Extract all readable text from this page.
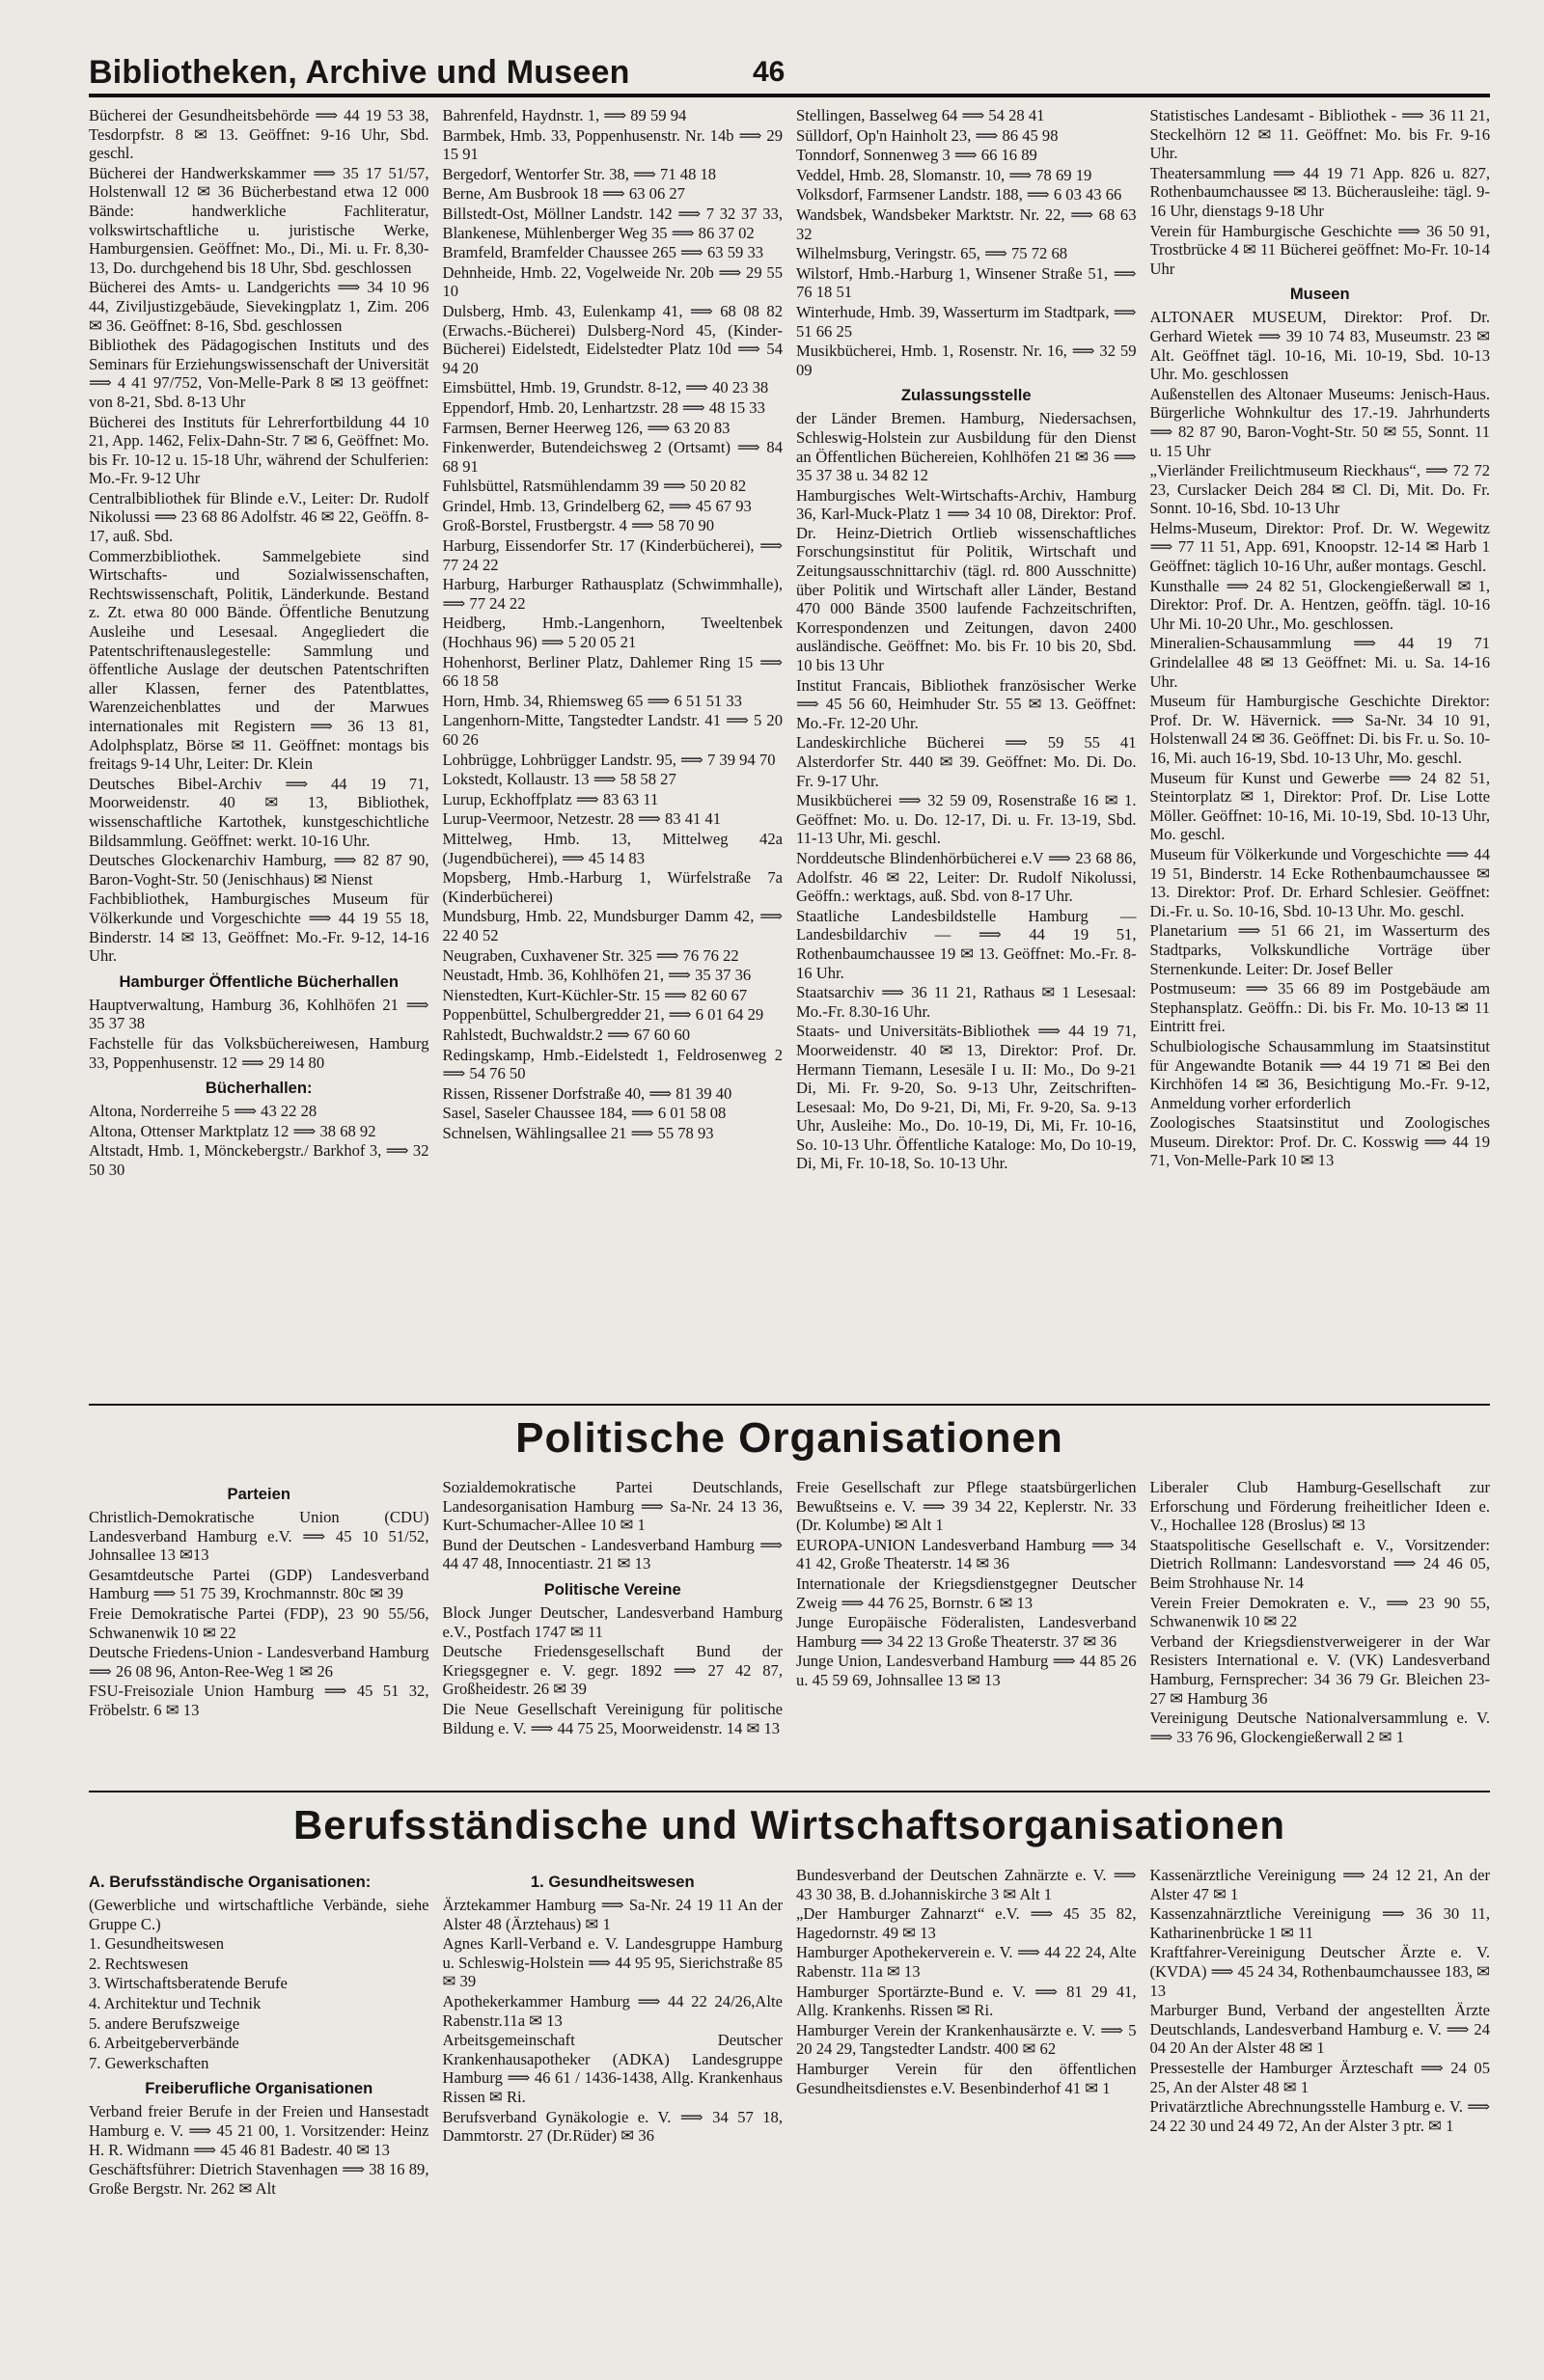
Bibliotheken, Archive und Museen	46
Bücherei der Gesundheitsbehörde ⟹ 44 19 53 38, Tesdorpfstr. 8 ✉ 13. Geöffnet: 9-16 Uhr, Sbd. geschl.
Bücherei der Handwerkskammer ⟹ 35 17 51/57, Holstenwall 12 ✉ 36 Bücherbestand etwa 12 000 Bände: handwerkliche Fachliteratur, volkswirtschaftliche u. juristische Werke, Hamburgensien. Geöffnet: Mo., Di., Mi. u. Fr. 8,30-13, Do. durchgehend bis 18 Uhr, Sbd. geschlossen
Bücherei des Amts- u. Landgerichts ⟹ 34 10 96 44, Ziviljustizgebäude, Sievekingplatz 1, Zim. 206 ✉ 36. Geöffnet: 8-16, Sbd. geschlossen
Bibliothek des Pädagogischen Instituts und des Seminars für Erziehungswissenschaft der Universität ⟹ 4 41 97/752, Von-Melle-Park 8 ✉ 13 geöffnet: von 8-21, Sbd. 8-13 Uhr
Bücherei des Instituts für Lehrerfortbildung 44 10 21, App. 1462, Felix-Dahn-Str. 7 ✉ 6, Geöffnet: Mo. bis Fr. 10-12 u. 15-18 Uhr, während der Schulferien: Mo.-Fr. 9-12 Uhr
Centralbibliothek für Blinde e.V., Leiter: Dr. Rudolf Nikolussi ⟹ 23 68 86 Adolfstr. 46 ✉ 22, Geöffn. 8-17, auß. Sbd.
Commerzbibliothek. Sammelgebiete sind Wirtschafts- und Sozialwissenschaften, Rechtswissenschaft, Politik, Länderkunde. Bestand z. Zt. etwa 80 000 Bände. Öffentliche Benutzung Ausleihe und Lesesaal. Angegliedert die Patentschriftenauslegestelle: Sammlung und öffentliche Auslage der deutschen Patentschriften aller Klassen, ferner des Patentblattes, Warenzeichenblattes und der Marwues internationales mit Registern ⟹ 36 13 81, Adolphsplatz, Börse ✉ 11. Geöffnet: montags bis freitags 9-14 Uhr, Leiter: Dr. Klein
Deutsches Bibel-Archiv ⟹ 44 19 71, Moorweidenstr. 40 ✉ 13, Bibliothek, wissenschaftliche Kartothek, kunstgeschichtliche Bildsammlung. Geöffnet: werkt. 10-16 Uhr.
Deutsches Glockenarchiv Hamburg, ⟹ 82 87 90, Baron-Voght-Str. 50 (Jenischhaus) ✉ Nienst
Fachbibliothek, Hamburgisches Museum für Völkerkunde und Vorgeschichte ⟹ 44 19 55 18, Binderstr. 14 ✉ 13, Geöffnet: Mo.-Fr. 9-12, 14-16 Uhr.
Hamburger Öffentliche Bücherhallen
Hauptverwaltung, Hamburg 36, Kohlhöfen 21 ⟹ 35 37 38
Fachstelle für das Volksbüchereiwesen, Hamburg 33, Poppenhusenstr. 12 ⟹ 29 14 80
Bücherhallen:
Altona, Norderreihe 5 ⟹ 43 22 28
Altona, Ottenser Marktplatz 12 ⟹ 38 68 92
Altstadt, Hmb. 1, Mönckebergstr./ Barkhof 3, ⟹ 32 50 30
Bahrenfeld, Haydnstr. 1, ⟹ 89 59 94
Barmbek, Hmb. 33, Poppenhusenstr. Nr. 14b ⟹ 29 15 91
Bergedorf, Wentorfer Str. 38, ⟹ 71 48 18
Berne, Am Busbrook 18 ⟹ 63 06 27
Billstedt-Ost, Möllner Landstr. 142 ⟹ 7 32 37 33, Blankenese, Mühlenberger Weg 35 ⟹ 86 37 02
Bramfeld, Bramfelder Chaussee 265 ⟹ 63 59 33
Dehnheide, Hmb. 22, Vogelweide Nr. 20b ⟹ 29 55 10
Dulsberg, Hmb. 43, Eulenkamp 41, ⟹ 68 08 82 (Erwachs.-Bücherei) Dulsberg-Nord 45, (Kinder-Bücherei) Eidelstedt, Eidelstedter Platz 10d ⟹ 54 94 20
Eimsbüttel, Hmb. 19, Grundstr. 8-12, ⟹ 40 23 38
Eppendorf, Hmb. 20, Lenhartzstr. 28 ⟹ 48 15 33
Farmsen, Berner Heerweg 126, ⟹ 63 20 83
Finkenwerder, Butendeichsweg 2 (Ortsamt) ⟹ 84 68 91
Fuhlsbüttel, Ratsmühlendamm 39 ⟹ 50 20 82
Grindel, Hmb. 13, Grindelberg 62, ⟹ 45 67 93
Groß-Borstel, Frustbergstr. 4 ⟹ 58 70 90
Harburg, Eissendorfer Str. 17 (Kinderbücherei), ⟹ 77 24 22
Harburg, Harburger Rathausplatz (Schwimmhalle), ⟹ 77 24 22
Heidberg, Hmb.-Langenhorn, Tweeltenbek (Hochhaus 96) ⟹ 5 20 05 21
Hohenhorst, Berliner Platz, Dahlemer Ring 15 ⟹ 66 18 58
Horn, Hmb. 34, Rhiemsweg 65 ⟹ 6 51 51 33
Langenhorn-Mitte, Tangstedter Landstr. 41 ⟹ 5 20 60 26
Lohbrügge, Lohbrügger Landstr. 95, ⟹ 7 39 94 70
Lokstedt, Kollaustr. 13 ⟹ 58 58 27
Lurup, Eckhoffplatz ⟹ 83 63 11
Lurup-Veermoor, Netzestr. 28 ⟹ 83 41 41
Mittelweg, Hmb. 13, Mittelweg 42a (Jugendbücherei), ⟹ 45 14 83
Mopsberg, Hmb.-Harburg 1, Würfelstraße 7a (Kinderbücherei)
Mundsburg, Hmb. 22, Mundsburger Damm 42, ⟹ 22 40 52
Neugraben, Cuxhavener Str. 325 ⟹ 76 76 22
Neustadt, Hmb. 36, Kohlhöfen 21, ⟹ 35 37 36
Nienstedten, Kurt-Küchler-Str. 15 ⟹ 82 60 67
Poppenbüttel, Schulbergredder 21, ⟹ 6 01 64 29
Rahlstedt, Buchwaldstr.2 ⟹ 67 60 60
Redingskamp, Hmb.-Eidelstedt 1, Feldrosenweg 2 ⟹ 54 76 50
Rissen, Rissener Dorfstraße 40, ⟹ 81 39 40
Sasel, Saseler Chaussee 184, ⟹ 6 01 58 08
Schnelsen, Wählingsallee 21 ⟹ 55 78 93
Stellingen, Basselweg 64 ⟹ 54 28 41
Sülldorf, Op'n Hainholt 23, ⟹ 86 45 98
Tonndorf, Sonnenweg 3 ⟹ 66 16 89
Veddel, Hmb. 28, Slomanstr. 10, ⟹ 78 69 19
Volksdorf, Farmsener Landstr. 188, ⟹ 6 03 43 66
Wandsbek, Wandsbeker Marktstr. Nr. 22, ⟹ 68 63 32
Wilhelmsburg, Veringstr. 65, ⟹ 75 72 68
Wilstorf, Hmb.-Harburg 1, Winsener Straße 51, ⟹ 76 18 51
Winterhude, Hmb. 39, Wasserturm im Stadtpark, ⟹ 51 66 25
Musikbücherei, Hmb. 1, Rosenstr. Nr. 16, ⟹ 32 59 09
Zulassungsstelle
der Länder Bremen. Hamburg, Niedersachsen, Schleswig-Holstein zur Ausbildung für den Dienst an Öffentlichen Büchereien, Kohlhöfen 21 ✉ 36 ⟹ 35 37 38 u. 34 82 12
Hamburgisches Welt-Wirtschafts-Archiv, Hamburg 36, Karl-Muck-Platz 1 ⟹ 34 10 08, Direktor: Prof. Dr. Heinz-Dietrich Ortlieb wissenschaftliches Forschungsinstitut für Politik, Wirtschaft und Zeitungsausschnittarchiv (tägl. rd. 800 Ausschnitte) über Politik und Wirtschaft aller Länder, Bestand 470 000 Bände 3500 laufende Fachzeitschriften, Korrespondenzen und Zeitungen, davon 2400 ausländische. Geöffnet: Mo. bis Fr. 10 bis 20, Sbd. 10 bis 13 Uhr
Institut Francais, Bibliothek französischer Werke ⟹ 45 56 60, Heimhuder Str. 55 ✉ 13. Geöffnet: Mo.-Fr. 12-20 Uhr.
Landeskirchliche Bücherei ⟹ 59 55 41 Alsterdorfer Str. 440 ✉ 39. Geöffnet: Mo. Di. Do. Fr. 9-17 Uhr.
Musikbücherei ⟹ 32 59 09, Rosenstraße 16 ✉ 1. Geöffnet: Mo. u. Do. 12-17, Di. u. Fr. 13-19, Sbd. 11-13 Uhr, Mi. geschl.
Norddeutsche Blindenhörbücherei e.V ⟹ 23 68 86, Adolfstr. 46 ✉ 22, Leiter: Dr. Rudolf Nikolussi, Geöffn.: werktags, auß. Sbd. von 8-17 Uhr.
Staatliche Landesbildstelle Hamburg — Landesbildarchiv — ⟹ 44 19 51, Rothenbaumchaussee 19 ✉ 13. Geöffnet: Mo.-Fr. 8-16 Uhr.
Staatsarchiv ⟹ 36 11 21, Rathaus ✉ 1 Lesesaal: Mo.-Fr. 8.30-16 Uhr.
Staats- und Universitäts-Bibliothek ⟹ 44 19 71, Moorweidenstr. 40 ✉ 13, Direktor: Prof. Dr. Hermann Tiemann, Lesesäle I u. II: Mo., Do 9-21 Di, Mi. Fr. 9-20, So. 9-13 Uhr, Zeitschriften-Lesesaal: Mo, Do 9-21, Di, Mi, Fr. 9-20, Sa. 9-13 Uhr, Ausleihe: Mo., Do. 10-19, Di, Mi, Fr. 10-16, So. 10-13 Uhr. Öffentliche Kataloge: Mo, Do 10-19, Di, Mi, Fr. 10-18, So. 10-13 Uhr.
Statistisches Landesamt - Bibliothek - ⟹ 36 11 21, Steckelhörn 12 ✉ 11. Geöffnet: Mo. bis Fr. 9-16 Uhr.
Theatersammlung ⟹ 44 19 71 App. 826 u. 827, Rothenbaumchaussee ✉ 13. Bücherausleihe: tägl. 9-16 Uhr, dienstags 9-18 Uhr
Verein für Hamburgische Geschichte ⟹ 36 50 91, Trostbrücke 4 ✉ 11 Bücherei geöffnet: Mo-Fr. 10-14 Uhr
Museen
ALTONAER MUSEUM, Direktor: Prof. Dr. Gerhard Wietek ⟹ 39 10 74 83, Museumstr. 23 ✉ Alt. Geöffnet tägl. 10-16, Mi. 10-19, Sbd. 10-13 Uhr. Mo. geschlossen
Außenstellen des Altonaer Museums: Jenisch-Haus. Bürgerliche Wohnkultur des 17.-19. Jahrhunderts ⟹ 82 87 90, Baron-Voght-Str. 50 ✉ 55, Sonnt. 11 u. 15 Uhr
„Vierländer Freilichtmuseum Rieckhaus“, ⟹ 72 72 23, Curslacker Deich 284 ✉ Cl. Di, Mit. Do. Fr. Sonnt. 10-16, Sbd. 10-13 Uhr
Helms-Museum, Direktor: Prof. Dr. W. Wegewitz ⟹ 77 11 51, App. 691, Knoopstr. 12-14 ✉ Harb 1 Geöffnet: täglich 10-16 Uhr, außer montags. Geschl.
Kunsthalle ⟹ 24 82 51, Glockengießerwall ✉ 1, Direktor: Prof. Dr. A. Hentzen, geöffn. tägl. 10-16 Uhr Mi. 10-20 Uhr., Mo. geschlossen.
Mineralien-Schausammlung ⟹ 44 19 71 Grindelallee 48 ✉ 13 Geöffnet: Mi. u. Sa. 14-16 Uhr.
Museum für Hamburgische Geschichte Direktor: Prof. Dr. W. Hävernick. ⟹ Sa-Nr. 34 10 91, Holstenwall 24 ✉ 36. Geöffnet: Di. bis Fr. u. So. 10-16, Mi. auch 16-19, Sbd. 10-13 Uhr, Mo. geschl.
Museum für Kunst und Gewerbe ⟹ 24 82 51, Steintorplatz ✉ 1, Direktor: Prof. Dr. Lise Lotte Möller. Geöffnet: 10-16, Mi. 10-19, Sbd. 10-13 Uhr, Mo. geschl.
Museum für Völkerkunde und Vorgeschichte ⟹ 44 19 51, Binderstr. 14 Ecke Rothenbaumchaussee ✉ 13. Direktor: Prof. Dr. Erhard Schlesier. Geöffnet: Di.-Fr. u. So. 10-16, Sbd. 10-13 Uhr. Mo. geschl.
Planetarium ⟹ 51 66 21, im Wasserturm des Stadtparks, Volkskundliche Vorträge über Sternenkunde. Leiter: Dr. Josef Beller
Postmuseum: ⟹ 35 66 89 im Postgebäude am Stephansplatz. Geöffn.: Di. bis Fr. Mo. 10-13 ✉ 11 Eintritt frei.
Schulbiologische Schausammlung im Staatsinstitut für Angewandte Botanik ⟹ 44 19 71 ✉ Bei den Kirchhöfen 14 ✉ 36, Besichtigung Mo.-Fr. 9-12, Anmeldung vorher erforderlich
Zoologisches Staatsinstitut und Zoologisches Museum. Direktor: Prof. Dr. C. Kosswig ⟹ 44 19 71, Von-Melle-Park 10 ✉ 13
Politische Organisationen
Parteien
Christlich-Demokratische Union (CDU) Landesverband Hamburg e.V. ⟹ 45 10 51/52, Johnsallee 13 ✉13
Gesamtdeutsche Partei (GDP) Landesverband Hamburg ⟹ 51 75 39, Krochmannstr. 80c ✉ 39
Freie Demokratische Partei (FDP), 23 90 55/56, Schwanenwik 10 ✉ 22
Deutsche Friedens-Union - Landesverband Hamburg ⟹ 26 08 96, Anton-Ree-Weg 1 ✉ 26
FSU-Freisoziale Union Hamburg ⟹ 45 51 32, Fröbelstr. 6 ✉ 13
Sozialdemokratische Partei Deutschlands, Landesorganisation Hamburg ⟹ Sa-Nr. 24 13 36, Kurt-Schumacher-Allee 10 ✉ 1
Bund der Deutschen - Landesverband Hamburg ⟹ 44 47 48, Innocentiastr. 21 ✉ 13
Politische Vereine
Block Junger Deutscher, Landesverband Hamburg e.V., Postfach 1747 ✉ 11
Deutsche Friedensgesellschaft Bund der Kriegsgegner e. V. gegr. 1892 ⟹ 27 42 87, Großheidestr. 26 ✉ 39
Die Neue Gesellschaft Vereinigung für politische Bildung e. V. ⟹ 44 75 25, Moorweidenstr. 14 ✉ 13
Freie Gesellschaft zur Pflege staatsbürgerlichen Bewußtseins e. V. ⟹ 39 34 22, Keplerstr. Nr. 33 (Dr. Kolumbe) ✉ Alt 1
EUROPA-UNION Landesverband Hamburg ⟹ 34 41 42, Große Theaterstr. 14 ✉ 36
Internationale der Kriegsdienstgegner Deutscher Zweig ⟹ 44 76 25, Bornstr. 6 ✉ 13
Junge Europäische Föderalisten, Landesverband Hamburg ⟹ 34 22 13 Große Theaterstr. 37 ✉ 36
Junge Union, Landesverband Hamburg ⟹ 44 85 26 u. 45 59 69, Johnsallee 13 ✉ 13
Liberaler Club Hamburg-Gesellschaft zur Erforschung und Förderung freiheitlicher Ideen e. V., Hochallee 128 (Broslus) ✉ 13
Staatspolitische Gesellschaft e. V., Vorsitzender: Dietrich Rollmann: Landesvorstand ⟹ 24 46 05, Beim Strohhause Nr. 14
Verein Freier Demokraten e. V., ⟹ 23 90 55, Schwanenwik 10 ✉ 22
Verband der Kriegsdienstverweigerer in der War Resisters International e. V. (VK) Landesverband Hamburg, Fernsprecher: 34 36 79 Gr. Bleichen 23-27 ✉ Hamburg 36
Vereinigung Deutsche Nationalversammlung e. V. ⟹ 33 76 96, Glockengießerwall 2 ✉ 1
Berufsständische und Wirtschaftsorganisationen
A. Berufsständische Organisationen:
(Gewerbliche und wirtschaftliche Verbände, siehe Gruppe C.)
1. Gesundheitswesen
2. Rechtswesen
3. Wirtschaftsberatende Berufe
4. Architektur und Technik
5. andere Berufszweige
6. Arbeitgeberverbände
7. Gewerkschaften
Freiberufliche Organisationen
Verband freier Berufe in der Freien und Hansestadt Hamburg e. V. ⟹ 45 21 00, 1. Vorsitzender: Heinz H. R. Widmann ⟹ 45 46 81 Badestr. 40 ✉ 13
Geschäftsführer: Dietrich Stavenhagen ⟹ 38 16 89, Große Bergstr. Nr. 262 ✉ Alt
1. Gesundheitswesen
Ärztekammer Hamburg ⟹ Sa-Nr. 24 19 11 An der Alster 48 (Ärztehaus) ✉ 1
Agnes Karll-Verband e. V. Landesgruppe Hamburg u. Schleswig-Holstein ⟹ 44 95 95, Sierichstraße 85 ✉ 39
Apothekerkammer Hamburg ⟹ 44 22 24/26,Alte Rabenstr.11a ✉ 13
Arbeitsgemeinschaft Deutscher Krankenhausapotheker (ADKA) Landesgruppe Hamburg ⟹ 46 61 / 1436-1438, Allg. Krankenhaus Rissen ✉ Ri.
Berufsverband Gynäkologie e. V. ⟹ 34 57 18, Dammtorstr. 27 (Dr.Rüder) ✉ 36
Bundesverband der Deutschen Zahnärzte e. V. ⟹ 43 30 38, B. d.Johanniskirche 3 ✉ Alt 1
„Der Hamburger Zahnarzt“ e.V. ⟹ 45 35 82, Hagedornstr. 49 ✉ 13
Hamburger Apothekerverein e. V. ⟹ 44 22 24, Alte Rabenstr. 11a ✉ 13
Hamburger Sportärzte-Bund e. V. ⟹ 81 29 41, Allg. Krankenhs. Rissen ✉ Ri.
Hamburger Verein der Krankenhausärzte e. V. ⟹ 5 20 24 29, Tangstedter Landstr. 400 ✉ 62
Hamburger Verein für den öffentlichen Gesundheitsdienstes e.V. Besenbinderhof 41 ✉ 1
Kassenärztliche Vereinigung ⟹ 24 12 21, An der Alster 47 ✉ 1
Kassenzahnärztliche Vereinigung ⟹ 36 30 11, Katharinenbrücke 1 ✉ 11
Kraftfahrer-Vereinigung Deutscher Ärzte e. V. (KVDA) ⟹ 45 24 34, Rothenbaumchaussee 183, ✉ 13
Marburger Bund, Verband der angestellten Ärzte Deutschlands, Landesverband Hamburg e. V. ⟹ 24 04 20 An der Alster 48 ✉ 1
Pressestelle der Hamburger Ärzteschaft ⟹ 24 05 25, An der Alster 48 ✉ 1
Privatärztliche Abrechnungsstelle Hamburg e. V. ⟹ 24 22 30 und 24 49 72, An der Alster 3 ptr. ✉ 1
